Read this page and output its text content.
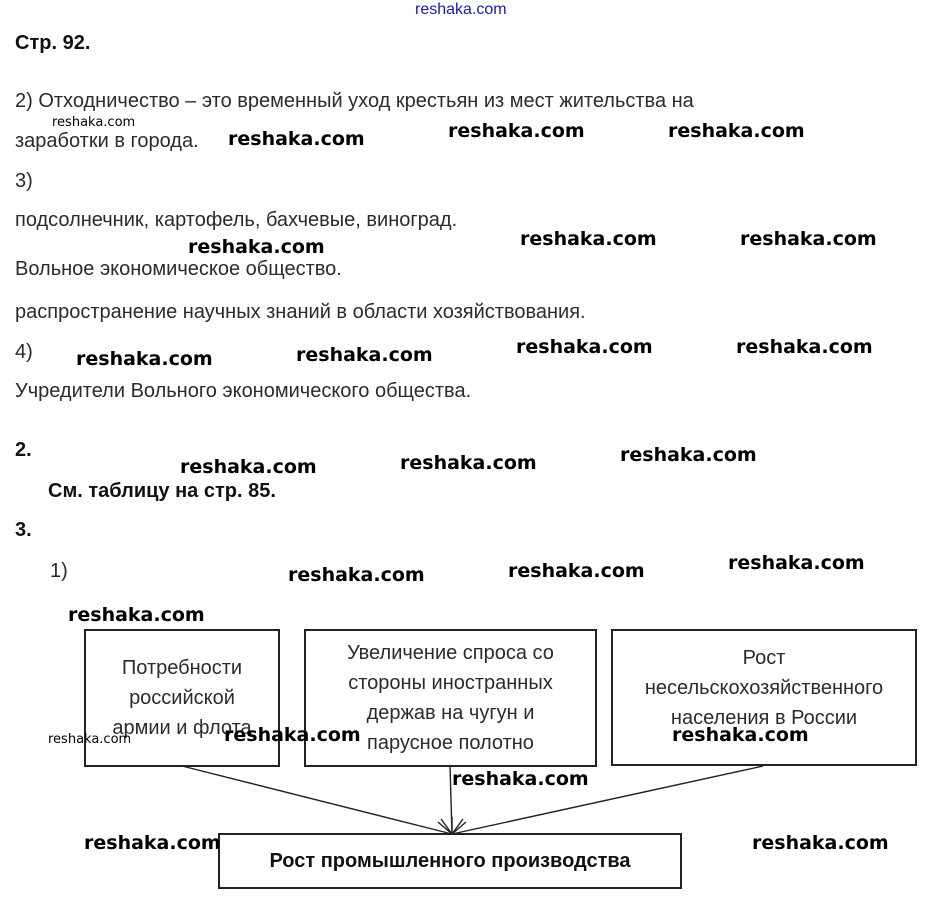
reshaka.com
Стр. 92.
2) Отходничество – это временный уход крестьян из мест жительства на
заработки в города.
3)
подсолнечник, картофель, бахчевые, виноград.
Вольное экономическое общество.
распространение научных знаний в области хозяйствования.
4)
Учредители Вольного экономического общества.
2.
См. таблицу на стр. 85.
3.
1)
Потребности
российской
армии и флота
Увеличение спроса со
стороны иностранных
держав на чугун и
парусное полотно
Рост
несельскохозяйственного
населения в России
Рост промышленного производства
reshaka.com
reshaka.com	reshaka.com	reshaka.com
reshaka.com	reshaka.com	reshaka.com
reshaka.com	reshaka.com	reshaka.com	reshaka.com
reshaka.com	reshaka.com	reshaka.com
reshaka.com	reshaka.com	reshaka.com
reshaka.com
reshaka.com	reshaka.com	reshaka.com
reshaka.com
reshaka.com	reshaka.com
